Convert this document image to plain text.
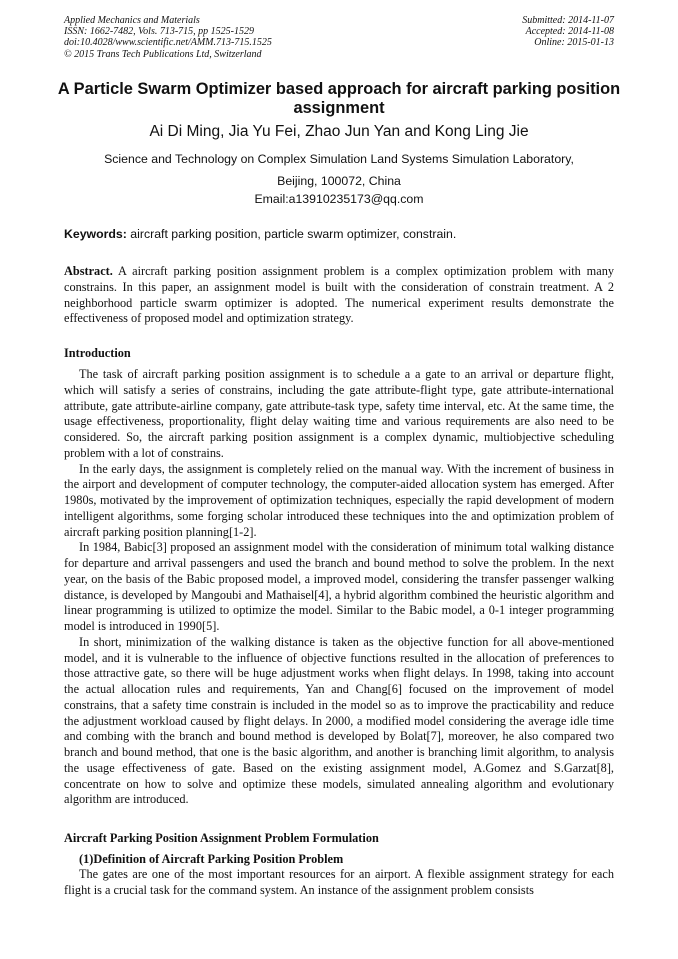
Applied Mechanics and Materials
ISSN: 1662-7482, Vols. 713-715, pp 1525-1529
doi:10.4028/www.scientific.net/AMM.713-715.1525
© 2015 Trans Tech Publications Ltd, Switzerland
Submitted: 2014-11-07
Accepted: 2014-11-08
Online: 2015-01-13
A Particle Swarm Optimizer based approach for aircraft parking position assignment
Ai Di Ming, Jia Yu Fei, Zhao Jun Yan and Kong Ling Jie
Science and Technology on Complex Simulation Land Systems Simulation Laboratory,
Beijing, 100072, China
Email:a13910235173@qq.com
Keywords: aircraft parking position, particle swarm optimizer, constrain.

Abstract. A aircraft parking position assignment problem is a complex optimization problem with many constrains. In this paper, an assignment model is built with the consideration of constrain treatment. A 2 neighborhood particle swarm optimizer is adopted. The numerical experiment results demonstrate the effectiveness of proposed model and optimization strategy.

Introduction

The task of aircraft parking position assignment is to schedule a a gate to an arrival or departure flight, which will satisfy a series of constrains, including the gate attribute-flight type, gate attribute-international attribute, gate attribute-airline company, gate attribute-task type, safety time interval, etc. At the same time, the usage effectiveness, proportionality, flight delay waiting time and various requirements are also need to be considered. So, the aircraft parking position assignment is a complex dynamic, multiobjective scheduling problem with a lot of constrains.

In the early days, the assignment is completely relied on the manual way. With the increment of business in the airport and development of computer technology, the computer-aided allocation system has emerged. After 1980s, motivated by the improvement of optimization techniques, especially the rapid development of modern intelligent algorithms, some forging scholar introduced these techniques into the and optimization problem of aircraft parking position planning[1-2].

In 1984, Babic[3] proposed an assignment model with the consideration of minimum total walking distance for departure and arrival passengers and used the branch and bound method to solve the problem. In the next year, on the basis of the Babic proposed model, a improved model, considering the transfer passenger walking distance, is developed by Mangoubi and Mathaisel[4], a hybrid algorithm combined the heuristic algorithm and linear programming is utilized to optimize the model. Similar to the Babic model, a 0-1 integer programming model is introduced in 1990[5].

In short, minimization of the walking distance is taken as the objective function for all above-mentioned model, and it is vulnerable to the influence of objective functions resulted in the allocation of preferences to those attractive gate, so there will be huge adjustment works when flight delays. In 1998, taking into account the actual allocation rules and requirements, Yan and Chang[6] focused on the improvement of model constrains, that a safety time constrain is included in the model so as to improve the practicability and reduce the adjustment workload caused by flight delays. In 2000, a modified model considering the average idle time and combing with the branch and bound method is developed by Bolat[7], moreover, he also compared two branch and bound method, that one is the basic algorithm, and another is branching limit algorithm, to analysis the usage effectiveness of gate. Based on the existing assignment model, A.Gomez and S.Garzat[8], concentrate on how to solve and optimize these models, simulated annealing algorithm and evolutionary algorithm are introduced.

Aircraft Parking Position Assignment Problem Formulation
(1)Definition of Aircraft Parking Position Problem

The gates are one of the most important resources for an airport. A flexible assignment strategy for each flight is a crucial task for the command system. An instance of the assignment problem consists
